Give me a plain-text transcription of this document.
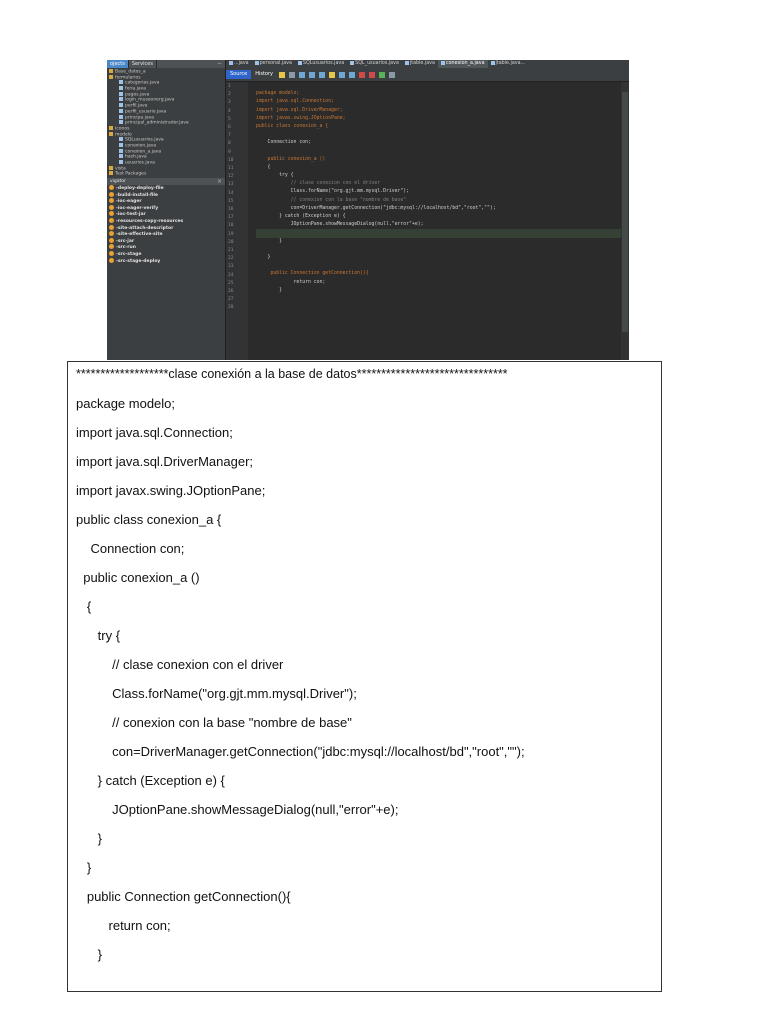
ojects	Services	−
Base_datos_a
formularios
categorias.java
feria.java
pagos.java
login_museonerg.java
perfil.java
perfil_usuario.java
principa.java
principal_administrador.java
iconos
modelo
SQLusuarios.java
conexion.java
conexion_a.java
hash.java
usuarios.java
vista
Test Packages
vigator	×
-deploy-deploy-file
-build-install-file
-ioc-eager
-ioc-eager-verify
-ioc-test-jar
-resources-copy-resources
-site-attach-descriptor
-site-effective-site
-src-jar
-src-run
-src-stage
-src-stage-deploy
...java	personal.java	SQLusuarios.java	SQL_usuarios.java	jtable.java	conexion_a.java	jtable.java...
Source	History
1
2
3
4
5
6
7
8
9
10
11
12
13
14
15
16
17
18
19
20
21
22
23
24
25
26
27
28
package modelo;
import java.sql.Connection;
import java.sql.DriverManager;
import javax.swing.JOptionPane;
public class conexion_a {
Connection con;
public conexion_a ()
{
try {
// clase conexion con el driver
Class.forName("org.gjt.mm.mysql.Driver");
// conexion con la base "nombre de base"
con=DriverManager.getConnection("jdbc:mysql://localhost/bd","root","");
} catch (Exception e) {
JOptionPane.showMessageDialog(null,"error"+e);
}
}
public Connection getConnection(){
return con;
}
*******************clase conexión a la base de datos*******************************
package modelo;
import java.sql.Connection;
import java.sql.DriverManager;
import javax.swing.JOptionPane;
public class conexion_a {
Connection con;
public conexion_a ()
{
try {
// clase conexion con el driver
Class.forName("org.gjt.mm.mysql.Driver");
// conexion con la base "nombre de base"
con=DriverManager.getConnection("jdbc:mysql://localhost/bd","root","");
} catch (Exception e) {
JOptionPane.showMessageDialog(null,"error"+e);
}
}
public Connection getConnection(){
return con;
}
